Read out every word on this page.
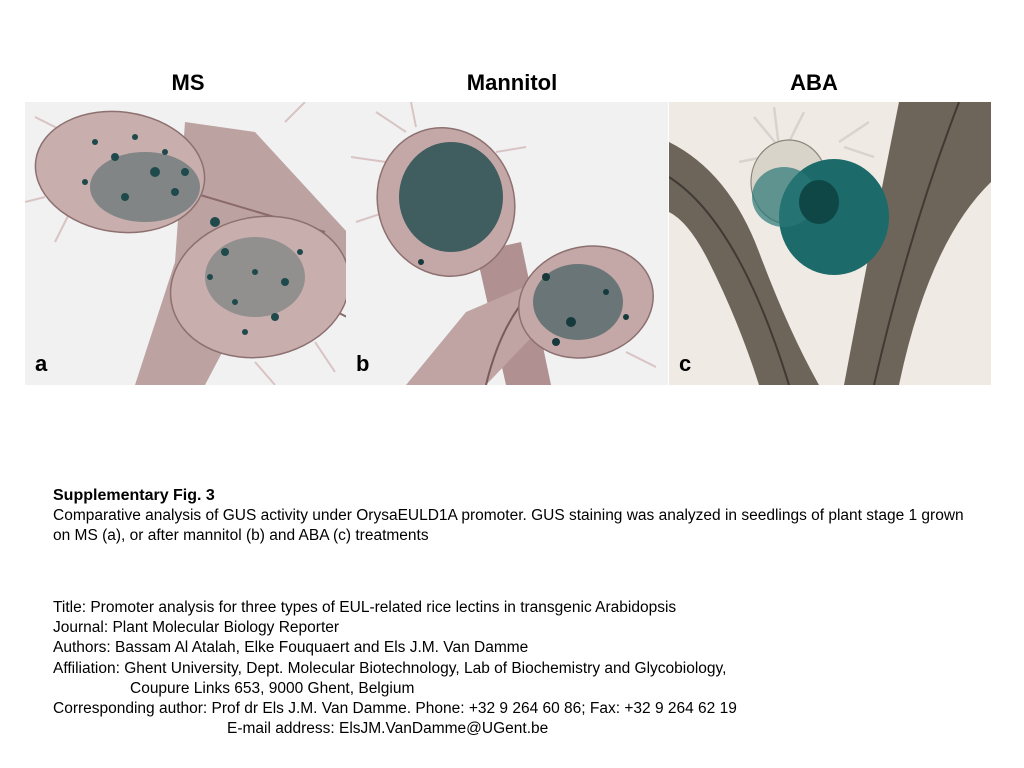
MS	Mannitol	ABA
a	b	c
Supplementary Fig. 3
Comparative analysis of GUS activity under OrysaEULD1A promoter. GUS staining was analyzed in seedlings of plant stage 1 grown on MS (a), or after mannitol (b) and ABA (c) treatments
Title: Promoter analysis for three types of EUL-related rice lectins in transgenic Arabidopsis
Journal: Plant Molecular Biology Reporter
Authors: Bassam Al Atalah, Elke Fouquaert and Els J.M. Van Damme
Affiliation: Ghent University, Dept. Molecular Biotechnology, Lab of Biochemistry and Glycobiology,
Coupure Links 653, 9000 Ghent, Belgium
Corresponding author: Prof dr Els J.M. Van Damme. Phone: +32 9 264 60 86; Fax: +32 9 264 62 19
E-mail address: ElsJM.VanDamme@UGent.be
